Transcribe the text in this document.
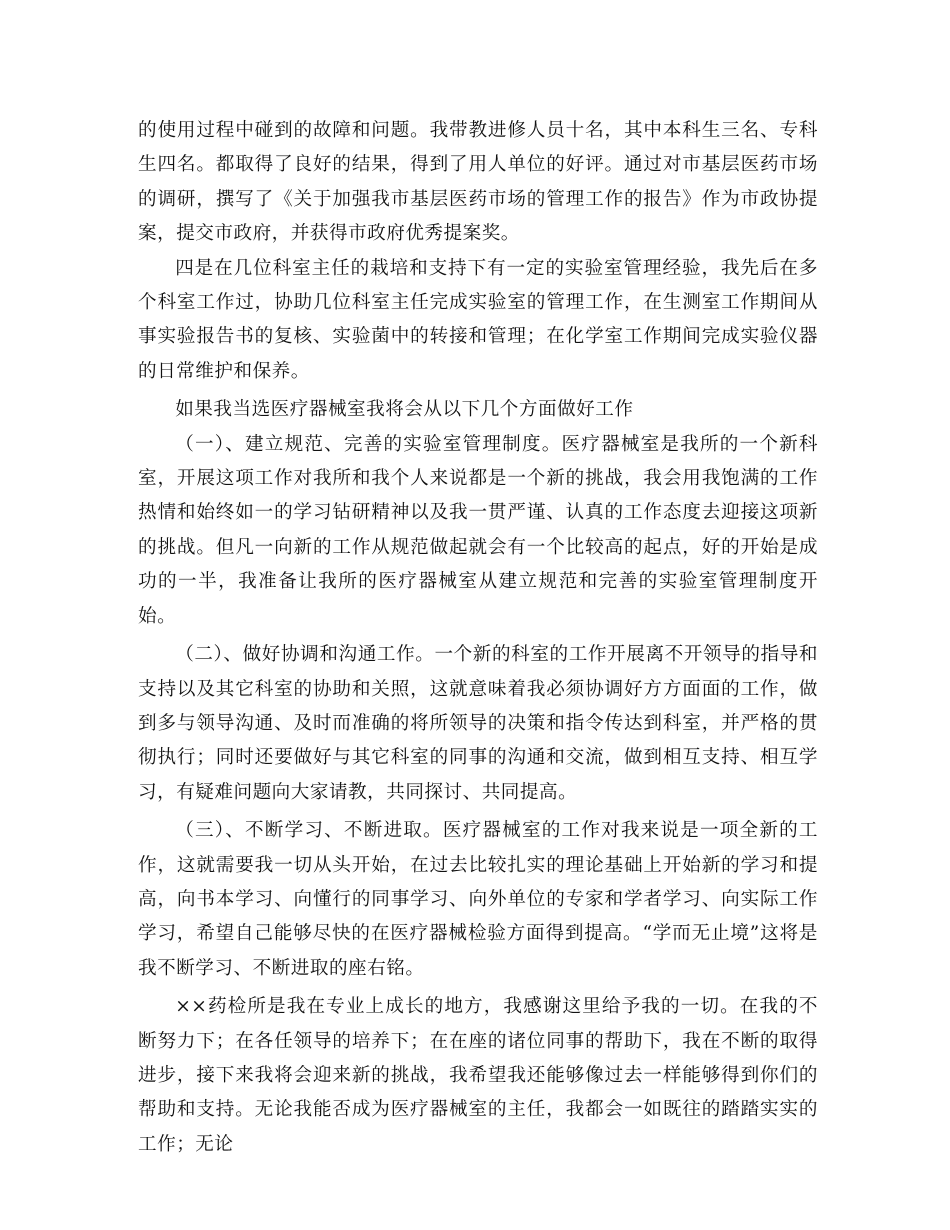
的使用过程中碰到的故障和问题。我带教进修人员十名，其中本科生三名、专科生四名。都取得了良好的结果，得到了用人单位的好评。通过对市基层医药市场的调研，撰写了《关于加强我市基层医药市场的管理工作的报告》作为市政协提案，提交市政府，并获得市政府优秀提案奖。

四是在几位科室主任的栽培和支持下有一定的实验室管理经验，我先后在多个科室工作过，协助几位科室主任完成实验室的管理工作，在生测室工作期间从事实验报告书的复核、实验菌中的转接和管理；在化学室工作期间完成实验仪器的日常维护和保养。

如果我当选医疗器械室我将会从以下几个方面做好工作

（一）、建立规范、完善的实验室管理制度。医疗器械室是我所的一个新科室，开展这项工作对我所和我个人来说都是一个新的挑战，我会用我饱满的工作热情和始终如一的学习钻研精神以及我一贯严谨、认真的工作态度去迎接这项新的挑战。但凡一向新的工作从规范做起就会有一个比较高的起点，好的开始是成功的一半，我准备让我所的医疗器械室从建立规范和完善的实验室管理制度开始。

（二）、做好协调和沟通工作。一个新的科室的工作开展离不开领导的指导和支持以及其它科室的协助和关照，这就意味着我必须协调好方方面面的工作，做到多与领导沟通、及时而准确的将所领导的决策和指令传达到科室，并严格的贯彻执行；同时还要做好与其它科室的同事的沟通和交流，做到相互支持、相互学习，有疑难问题向大家请教，共同探讨、共同提高。

（三）、不断学习、不断进取。医疗器械室的工作对我来说是一项全新的工作，这就需要我一切从头开始，在过去比较扎实的理论基础上开始新的学习和提高，向书本学习、向懂行的同事学习、向外单位的专家和学者学习、向实际工作学习，希望自己能够尽快的在医疗器械检验方面得到提高。“学而无止境”这将是我不断学习、不断进取的座右铭。

××药检所是我在专业上成长的地方，我感谢这里给予我的一切。在我的不断努力下；在各任领导的培养下；在在座的诸位同事的帮助下，我在不断的取得进步，接下来我将会迎来新的挑战，我希望我还能够像过去一样能够得到你们的帮助和支持。无论我能否成为医疗器械室的主任，我都会一如既往的踏踏实实的工作；无论
